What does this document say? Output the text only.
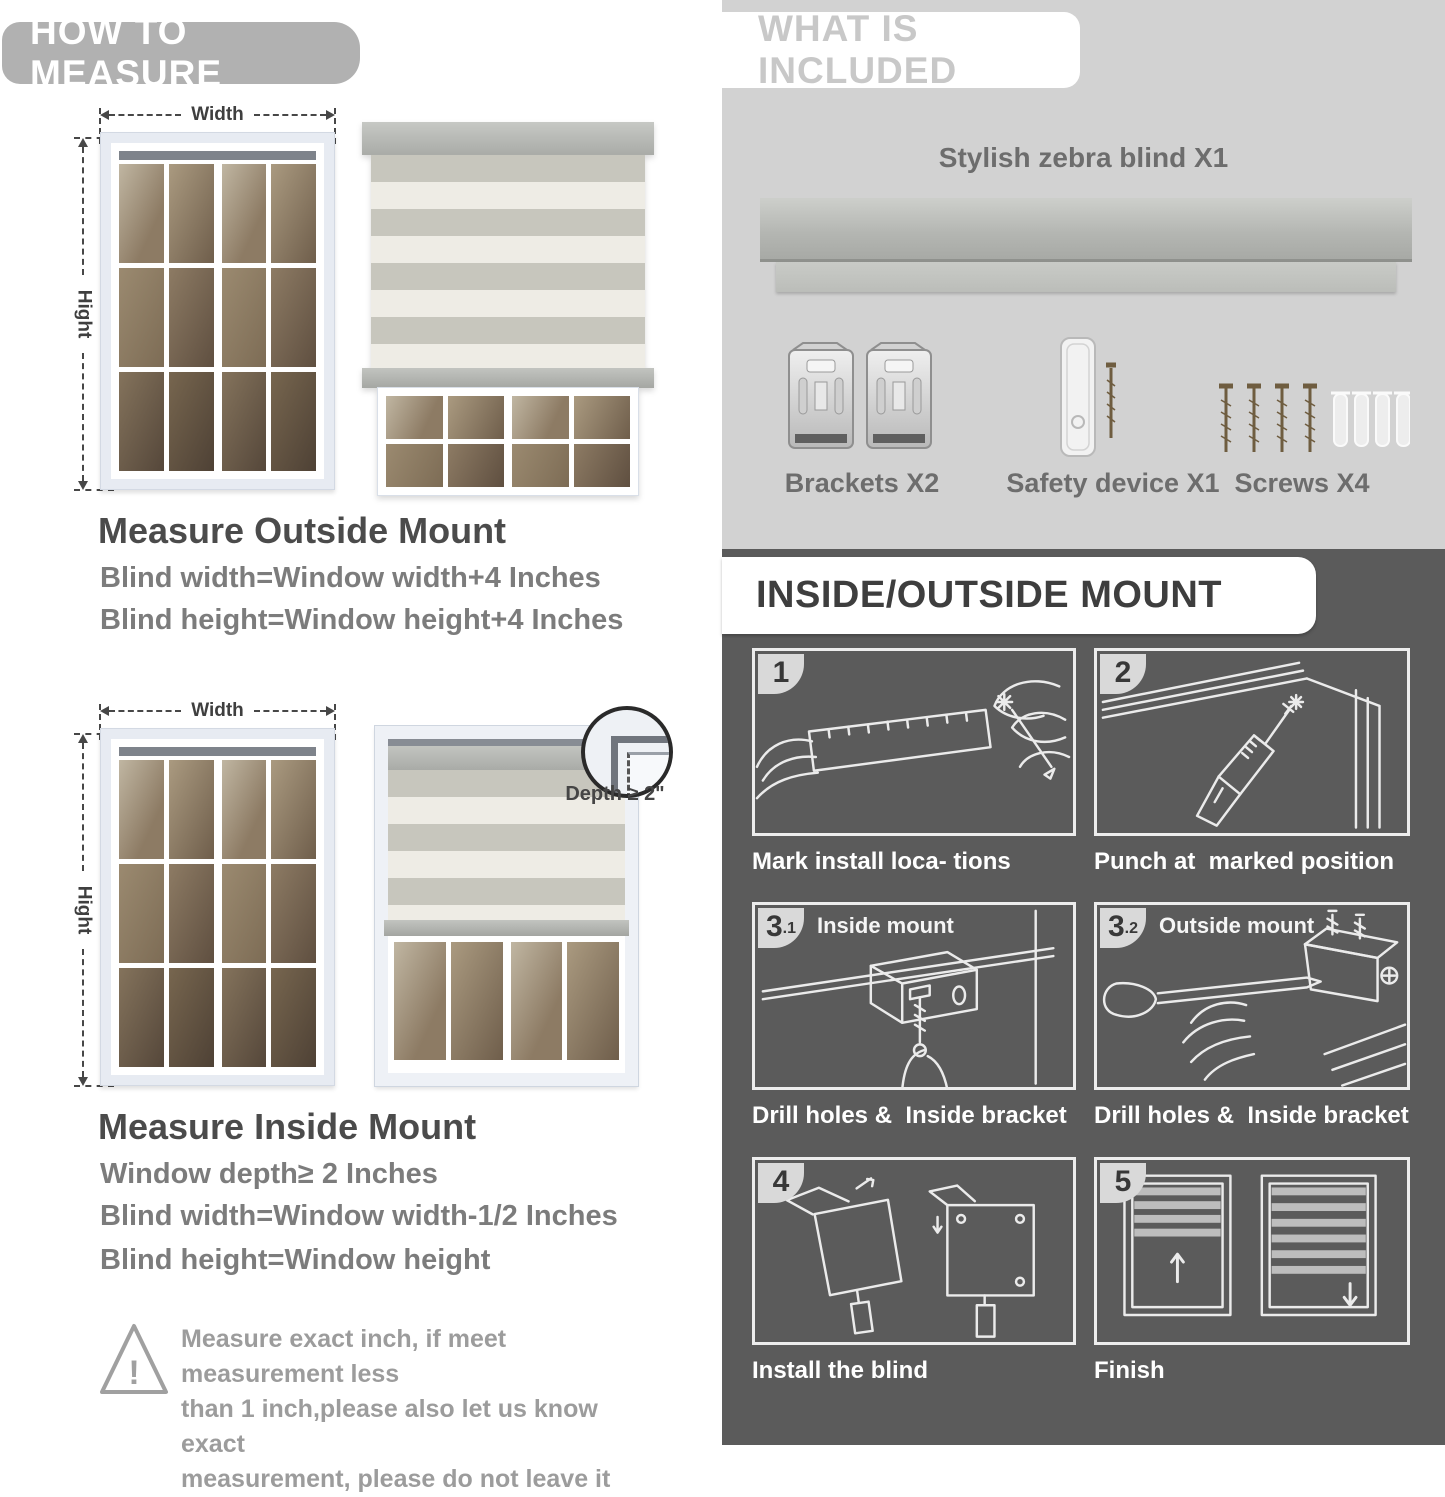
HOW TO MEASURE
Width
Hight
Measure Outside Mount
Blind width=Window width+4 Inches
Blind height=Window height+4 Inches
Width
Hight
Depth ≥ 2"
Measure Inside Mount
Window depth≥ 2 Inches
Blind width=Window width-1/2 Inches
Blind height=Window height
!
Measure exact inch, if meet measurement less
than 1 inch,please also let us know exact
measurement, please do not leave it
WHAT IS INCLUDED
Stylish zebra blind X1
Brackets X2	Safety device X1 Screws X4
INSIDE/OUTSIDE MOUNT
1
Mark install loca- tions
2
Punch at  marked position
3 .1 Inside mount
Drill holes &  Inside bracket
3 .2 Outside mount
Drill holes &  Inside bracket
4
Install the blind
5
Finish
